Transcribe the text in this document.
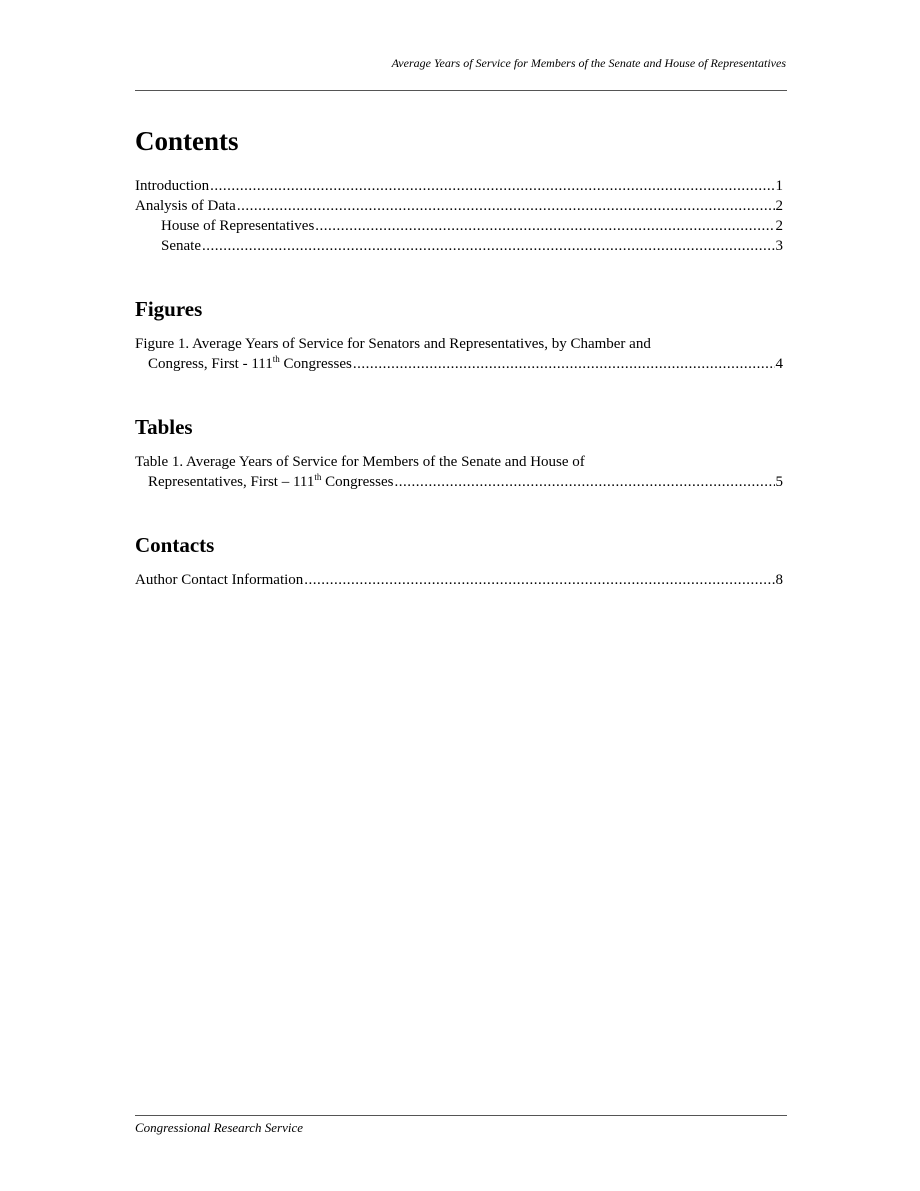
Average Years of Service for Members of the Senate and House of Representatives
Contents
Introduction .....	1
Analysis of Data .....	2
House of Representatives .....	2
Senate .....	3
Figures
Figure 1. Average Years of Service for Senators and Representatives, by Chamber and
Congress, First - 111th Congresses .....	4
Tables
Table 1. Average Years of Service for Members of the Senate and House of
Representatives, First – 111th Congresses .....	5
Contacts
Author Contact Information .....	8
Congressional Research Service
